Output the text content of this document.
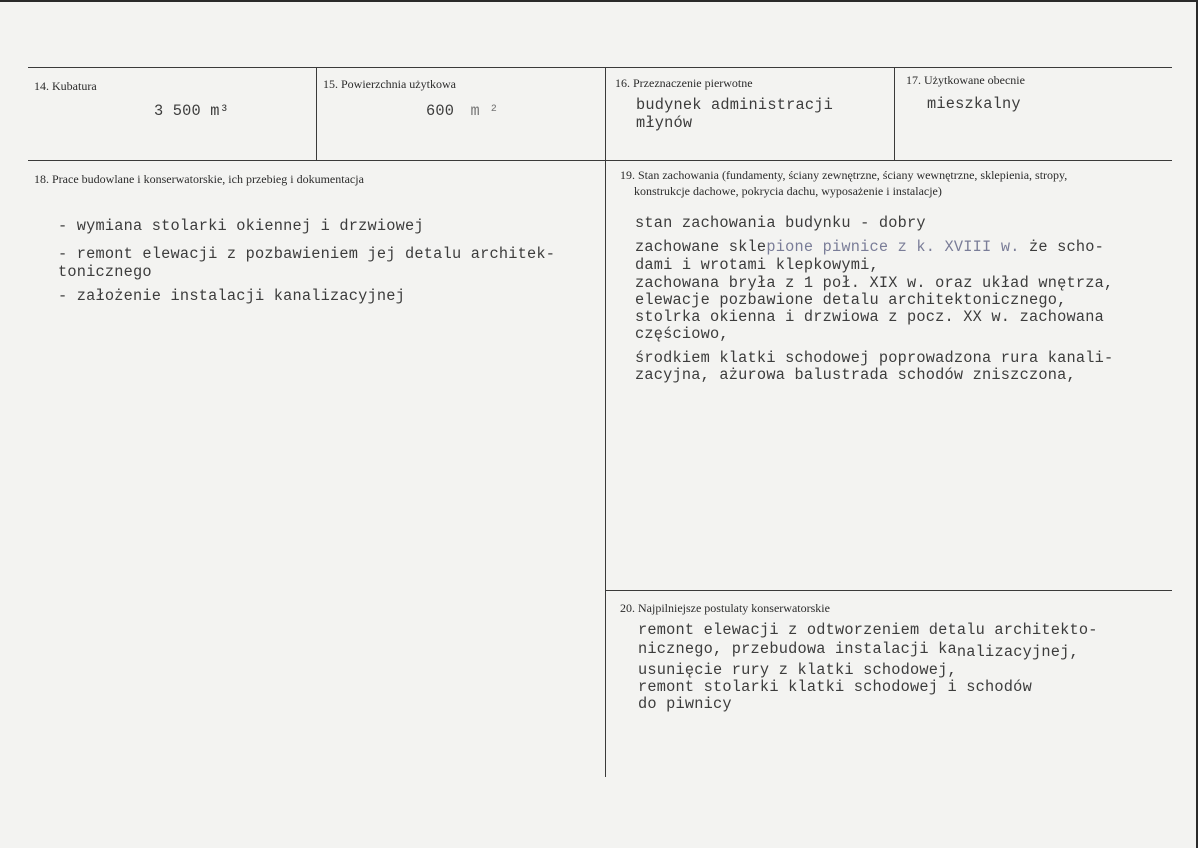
14. Kubatura
3 500 m³
15. Powierzchnia użytkowa
600 m ²
16. Przeznaczenie pierwotne
budynek administracji
młynów
17. Użytkowane obecnie
mieszkalny
18. Prace budowlane i konserwatorskie, ich przebieg i dokumentacja
- wymiana stolarki okiennej i drzwiowej
- remont elewacji z pozbawieniem jej detalu architek-
tonicznego
- założenie instalacji kanalizacyjnej
19. Stan zachowania (fundamenty, ściany zewnętrzne, ściany wewnętrzne, sklepienia, stropy,
konstrukcje dachowe, pokrycia dachu, wyposażenie i instalacje)
stan zachowania budynku - dobry
zachowane sklepione piwnice z k. XVIII w. że scho-
dami i wrotami klepkowymi,
zachowana bryła z 1 poł. XIX w. oraz układ wnętrza,
elewacje pozbawione detalu architektonicznego,
stolrka okienna i drzwiowa z pocz. XX w. zachowana
częściowo,
środkiem klatki schodowej poprowadzona rura kanali-
zacyjna, ażurowa balustrada schodów zniszczona,
20. Najpilniejsze postulaty konserwatorskie
remont elewacji z odtworzeniem detalu architekto-
nicznego, przebudowa instalacji kanalizacyjnej,
usunięcie rury z klatki schodowej,
remont stolarki klatki schodowej i schodów
do piwnicy
